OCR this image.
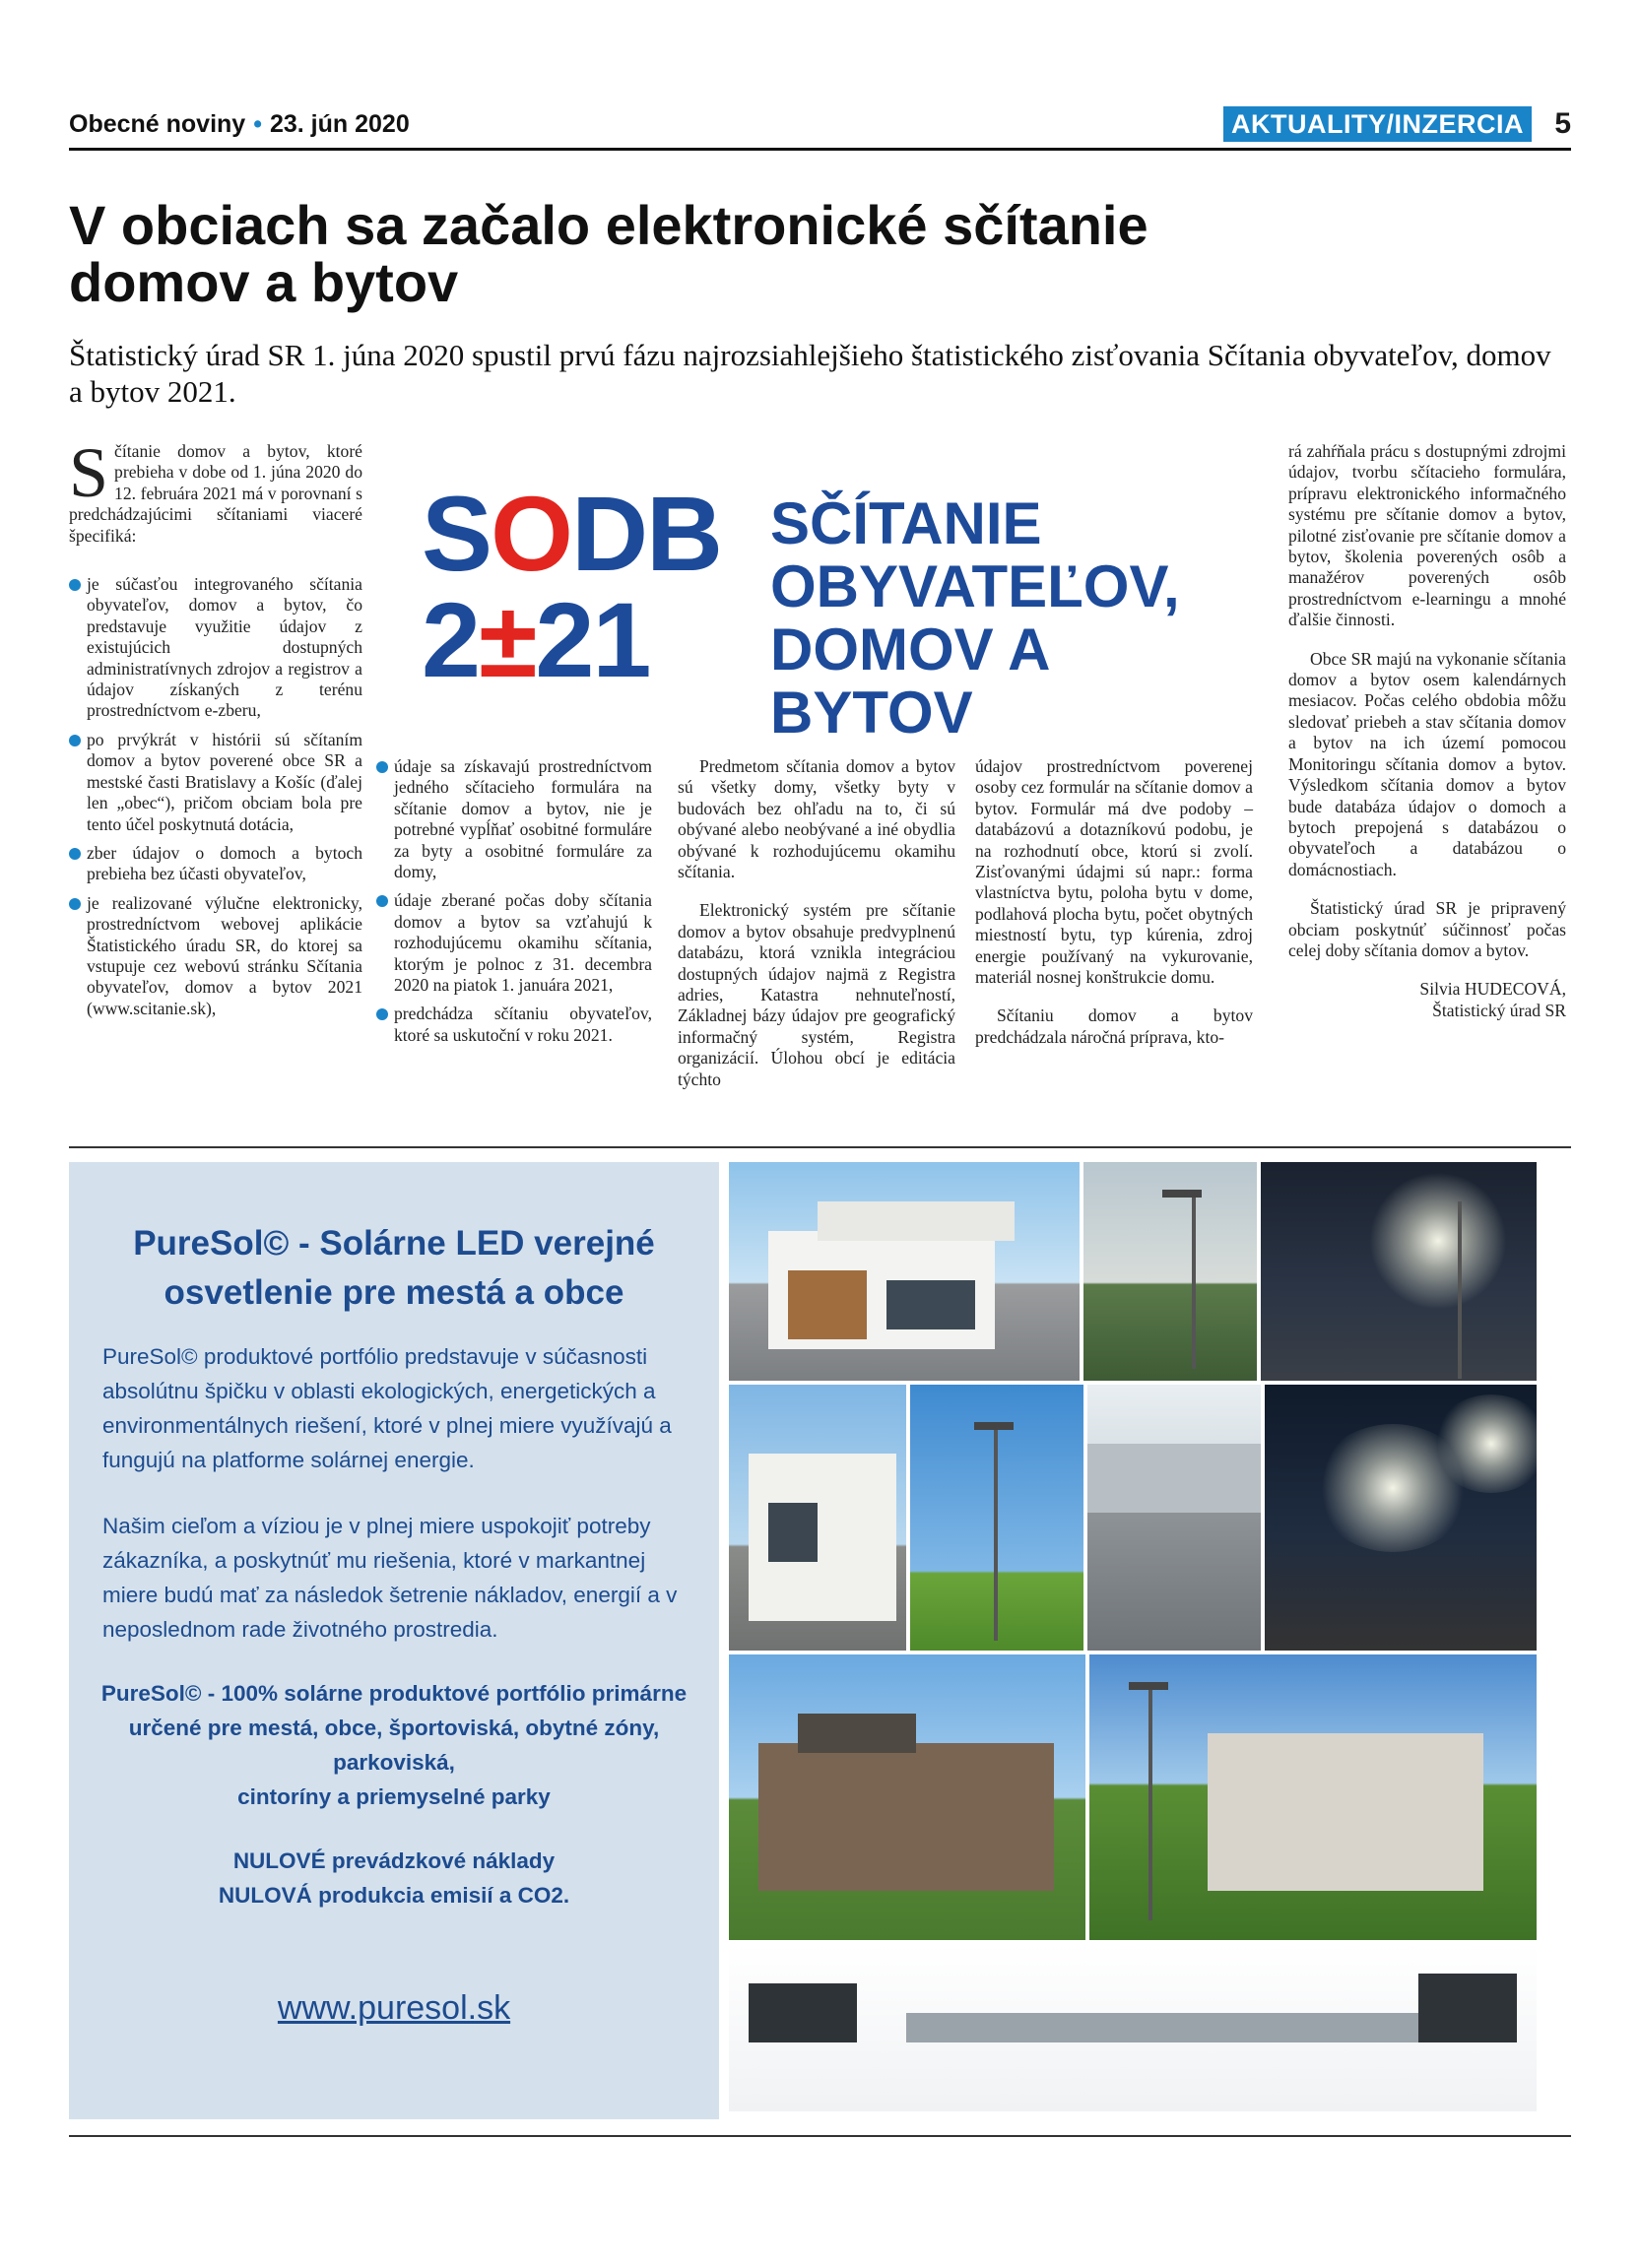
Obecné noviny • 23. jún 2020	AKTUALITY/INZERCIA 5
V obciach sa začalo elektronické sčítanie
domov a bytov

Štatistický úrad SR 1. júna 2020 spustil prvú fázu najrozsiahlejšieho štatistického zisťovania Sčítania obyvateľov, domov a bytov 2021.

Sčítanie domov a bytov, ktoré prebieha v dobe od 1. júna 2020 do 12. februára 2021 má v porovnaní s predchádzajúcimi sčítaniami viaceré špecifiká:

je súčasťou integrovaného sčítania obyvateľov, domov a bytov, čo predstavuje využitie údajov z existujúcich dostupných administratívnych zdrojov a registrov a údajov získaných z terénu prostredníctvom e-zberu,

po prvýkrát v histórii sú sčítaním domov a bytov poverené obce SR a mestské časti Bratislavy a Košíc (ďalej len „obec“), pričom obciam bola pre tento účel poskytnutá dotácia,

zber údajov o domoch a bytoch prebieha bez účasti obyvateľov,

je realizované výlučne elektronicky, prostredníctvom webovej aplikácie Štatistického úradu SR, do ktorej sa vstupuje cez webovú stránku Sčítania obyvateľov, domov a bytov 2021 (www.scitanie.sk),

SODB
2±21
SČÍTANIE
OBYVATEĽOV,
DOMOV A BYTOV

údaje sa získavajú prostredníctvom jedného sčítacieho formulára na sčítanie domov a bytov, nie je potrebné vypĺňať osobitné formuláre za byty a osobitné formuláre za domy,

údaje zberané počas doby sčítania domov a bytov sa vzťahujú k rozhodujúcemu okamihu sčítania, ktorým je polnoc z 31. decembra 2020 na piatok 1. januára 2021,

predchádza sčítaniu obyvateľov, ktoré sa uskutoční v roku 2021.

Predmetom sčítania domov a bytov sú všetky domy, všetky byty v budovách bez ohľadu na to, či sú obývané alebo neobývané a iné obydlia obývané k rozhodujúcemu okamihu sčítania.

Elektronický systém pre sčítanie domov a bytov obsahuje predvyplnenú databázu, ktorá vznikla integráciou dostupných údajov najmä z Registra adries, Katastra nehnuteľností, Základnej bázy údajov pre geografický informačný systém, Registra organizácií. Úlohou obcí je editácia týchto

údajov prostredníctvom poverenej osoby cez formulár na sčítanie domov a bytov. Formulár má dve podoby – databázovú a dotazníkovú podobu, je na rozhodnutí obce, ktorú si zvolí. Zisťovanými údajmi sú napr.: forma vlastníctva bytu, poloha bytu v dome, podlahová plocha bytu, počet obytných miestností bytu, typ kúrenia, zdroj energie používaný na vykurovanie, materiál nosnej konštrukcie domu.

Sčítaniu domov a bytov predchádzala náročná príprava, kto-

rá zahŕňala prácu s dostupnými zdrojmi údajov, tvorbu sčítacieho formulára, prípravu elektronického informačného systému pre sčítanie domov a bytov, pilotné zisťovanie pre sčítanie domov a bytov, školenia poverených osôb a manažérov poverených osôb prostredníctvom e-learningu a mnohé ďalšie činnosti.

Obce SR majú na vykonanie sčítania domov a bytov osem kalendárnych mesiacov. Počas celého obdobia môžu sledovať priebeh a stav sčítania domov a bytov na ich území pomocou Monitoringu sčítania domov a bytov. Výsledkom sčítania domov a bytov bude databáza údajov o domoch a bytoch prepojená s databázou o obyvateľoch a databázou o domácnostiach.

Štatistický úrad SR je pripravený obciam poskytnúť súčinnosť počas celej doby sčítania domov a bytov.

Silvia HUDECOVÁ,

Štatistický úrad SR

PureSol© - Solárne LED verejné
osvetlenie pre mestá a obce

PureSol© produktové portfólio predstavuje v súčasnosti absolútnu špičku v oblasti ekologických, energetických a environmentálnych riešení, ktoré v plnej miere využívajú a fungujú na platforme solárnej energie.

Našim cieľom a víziou je v plnej miere uspokojiť potreby zákazníka, a poskytnúť mu riešenia, ktoré v markantnej miere budú mať za následok šetrenie nákladov, energií a v neposlednom rade životného prostredia.

PureSol© - 100% solárne produktové portfólio primárne
určené pre mestá, obce, športoviská, obytné zóny, parkoviská,
cintoríny a priemyselné parky
NULOVÉ prevádzkové náklady
NULOVÁ produkcia emisií a CO2.
www.puresol.sk
